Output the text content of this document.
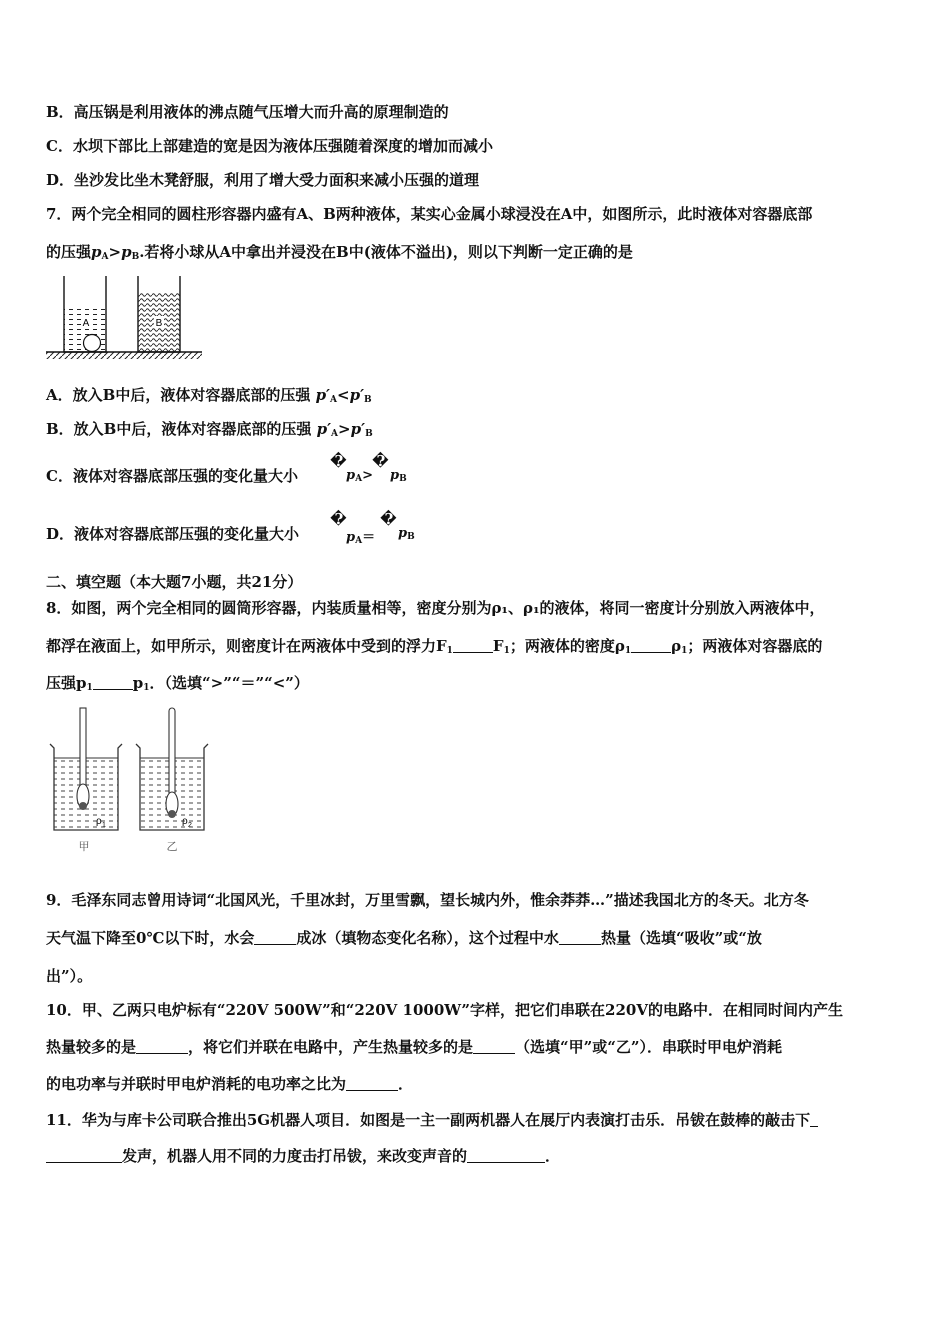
B．高压锅是利用液体的沸点随气压增大而升高的原理制造的
C．水坝下部比上部建造的宽是因为液体压强随着深度的增加而减小
D．坐沙发比坐木凳舒服，利用了增大受力面积来减小压强的道理
7．两个完全相同的圆柱形容器内盛有A、B两种液体，某实心金属小球浸没在A中，如图所示，此时液体对容器底部
的压强$p_A>p_B$.若将小球从A中拿出并浸没在B中(液体不溢出)，则以下判断一定正确的是
A	B
A．放入B中后，液体对容器底部的压强 $p'_A<p'_B$
B．放入B中后，液体对容器底部的压强 $p'_A>p'_B$
C．液体对容器底部压强的变化量大小
�
$p_A>$
�
$p_B$
D．液体对容器底部压强的变化量大小
�
$p_A=$
�
$p_B$
二、填空题（本大题7小题，共21分）
8．如图，两个完全相同的圆筒形容器，内装质量相等，密度分别为ρ₁、ρ₁的液体，将同一密度计分别放入两液体中，
都浮在液面上，如甲所示，则密度计在两液体中受到的浮力$F_1$	$F_1$；两液体的密度$\rho_1$	$\rho_1$；两液体对容器底的
压强$p_1$	$p_1$．（选填“>”“＝”“<”）
ρ 1
甲
ρ 2
乙
9．毛泽东同志曾用诗词“北国风光，千里冰封，万里雪飘，望长城内外，惟余莽莽…”描述我国北方的冬天。北方冬
天气温下降至0℃以下时，水会	成冰（填物态变化名称），这个过程中水	热量（选填“吸收”或“放
出”）。
10．甲、乙两只电炉标有“220V 500W”和“220V 1000W”字样，把它们串联在220V的电路中．在相同时间内产生
热量较多的是	，将它们并联在电路中，产生热量较多的是	（选填“甲”或“乙”）．串联时甲电炉消耗
的电功率与并联时甲电炉消耗的电功率之比为	．
11．华为与库卡公司联合推出5G机器人项目．如图是一主一副两机器人在展厅内表演打击乐．吊钹在鼓棒的敲击下
发声，机器人用不同的力度击打吊钹，来改变声音的	．
